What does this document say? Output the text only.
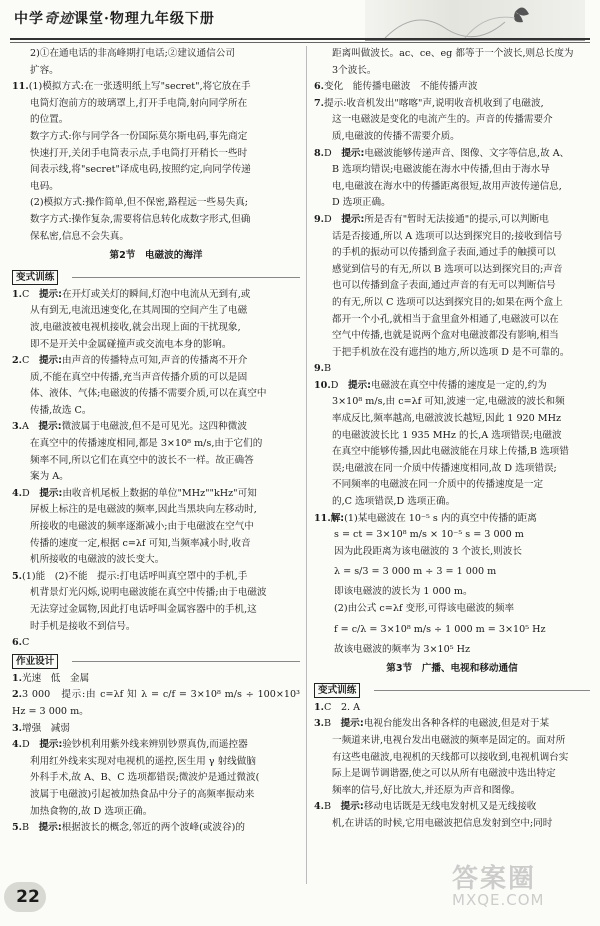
中学奇迹课堂·物理九年级下册

2)①在通电话的非高峰期打电话;②建议通信公司

扩容。

11.(1)模拟方式:在一张透明纸上写"secret",将它放在手

电筒灯泡前方的玻璃罩上,打开手电筒,射向同学所在

的位置。

数字方式:你与同学各一份国际莫尔斯电码,事先商定

快速打开,关闭手电筒表示点,手电筒打开稍长一些时

间表示线,将"secret"译成电码,按照约定,向同学传递

电码。

(2)模拟方式:操作简单,但不保密,路程远一些易失真;

数字方式:操作复杂,需要将信息转化成数字形式,但确

保私密,信息不会失真。

第2节　电磁波的海洋

变式训练

1.C　 提示:在开灯或关灯的瞬间,灯泡中电流从无到有,或

从有到无,电流迅速变化,在其周围的空间产生了电磁

波,电磁波被电视机接收,就会出现上面的干扰现象,

即不是开关中金属碰撞声或交流电本身的影响。

2.C　 提示:由声音的传播特点可知,声音的传播离不开介

质,不能在真空中传播,充当声音传播介质的可以是固

体、液体、气体;电磁波的传播不需要介质,可以在真空中

传播,故选 C。

3.A　 提示:微波属于电磁波,但不是可见光。这四种微波

在真空中的传播速度相同,都是 3×10⁸ m/s,由于它们的

频率不同,所以它们在真空中的波长不一样。故正确答

案为 A。

4.D　 提示:由收音机尾板上数据的单位"MHz""kHz"可知

屏板上标注的是电磁波的频率,因此当黑块向左移动时,

所接收的电磁波的频率逐渐减小;由于电磁波在空气中

传播的速度一定,根据 c=λf 可知,当频率减小时,收音

机所接收的电磁波的波长变大。

5.(1)能　(2)不能　提示:打电话呼叫真空罩中的手机,手

机背景灯光闪烁,说明电磁波能在真空中传播;由于电磁波

无法穿过金属物,因此打电话呼叫金属容器中的手机,这

时手机是接收不到信号。

6.C

作业设计

1.光速　低　金属

2.3 000　提示:由 c=λf 知 λ = c/f = 3×10⁸ m/s ÷ 100×10³ Hz = 3 000 m。

3.增强　减弱

4.D　 提示:验钞机利用紫外线来辨别钞票真伪,而遥控器

利用红外线来实现对电视机的遥控,医生用 γ 射线做脑

外科手术,故 A、B、C 选项都错误;微波炉是通过微波(

波属于电磁波)引起被加热食品中分子的高频率振动来

加热食物的,故 D 选项正确。

5.B　 提示:根据波长的概念,邻近的两个波峰(或波谷)的

距离叫做波长。ac、ce、eg 都等于一个波长,则总长度为

3个波长。

6.变化　能传播电磁波　不能传播声波

7.提示:收音机发出"喀喀"声,说明收音机收到了电磁波,

这一电磁波是变化的电流产生的。声音的传播需要介

质,电磁波的传播不需要介质。

8.D　 提示:电磁波能够传递声音、图像、文字等信息,故 A、

B 选项均错误;电磁波能在海水中传播,但由于海水导

电,电磁波在海水中的传播距离很短,故用声波传递信息,

D 选项正确。

9.D　 提示:所是否有"暂时无法接通"的提示,可以判断电

话是否接通,所以 A 选项可以达到探究目的;接收到信号

的手机的振动可以传播到盒子表面,通过手的触摸可以

感觉到信号的有无,所以 B 选项可以达到探究目的;声音

也可以传播到盒子表面,通过声音的有无可以判断信号

的有无,所以 C 选项可以达到探究目的;如果在两个盒上

都开一个小孔,就相当于盒里盒外相通了,电磁波可以在

空气中传播,也就是说两个盒对电磁波都没有影响,相当

于把手机放在没有遮挡的地方,所以选项 D 是不可靠的。

9.B

10.D　 提示:电磁波在真空中传播的速度是一定的,约为

3×10⁸ m/s,由 c=λf 可知,波速一定,电磁波的波长和频

率成反比,频率越高,电磁波波长越短,因此 1 920 MHz

的电磁波波长比 1 935 MHz 的长,A 选项错误;电磁波

在真空中能够传播,因此电磁波能在月球上传播,B 选项错

误;电磁波在同一介质中传播速度相同,故 D 选项错误;

不同频率的电磁波在同一介质中的传播速度是一定

的,C 选项错误,D 选项正确。

11.解:(1)某电磁波在 10⁻⁵ s 内的真空中传播的距离

s = ct = 3×10⁸ m/s × 10⁻⁵ s = 3 000 m

因为此段距离为该电磁波的 3 个波长,则波长

λ = s/3 = 3 000 m ÷ 3 = 1 000 m

即该电磁波的波长为 1 000 m。

(2)由公式 c=λf 变形,可得该电磁波的频率

f = c/λ = 3×10⁸ m/s ÷ 1 000 m = 3×10⁵ Hz

故该电磁波的频率为 3×10⁵ Hz

第3节　广播、电视和移动通信

变式训练

1.C　2. A

3.B　 提示:电视台能发出各种各样的电磁波,但是对于某

一频道来讲,电视台发出电磁波的频率是固定的。面对所

有这些电磁波,电视机的天线都可以接收到,电视机调台实

际上是调节调谐器,使之可以从所有电磁波中选出特定

频率的信号,好比放大,并还原为声音和图像。

4.B　 提示:移动电话既是无线电发射机又是无线接收

机,在讲话的时候,它用电磁波把信息发射到空中;同时

22
答案圈
MXQE.COM
